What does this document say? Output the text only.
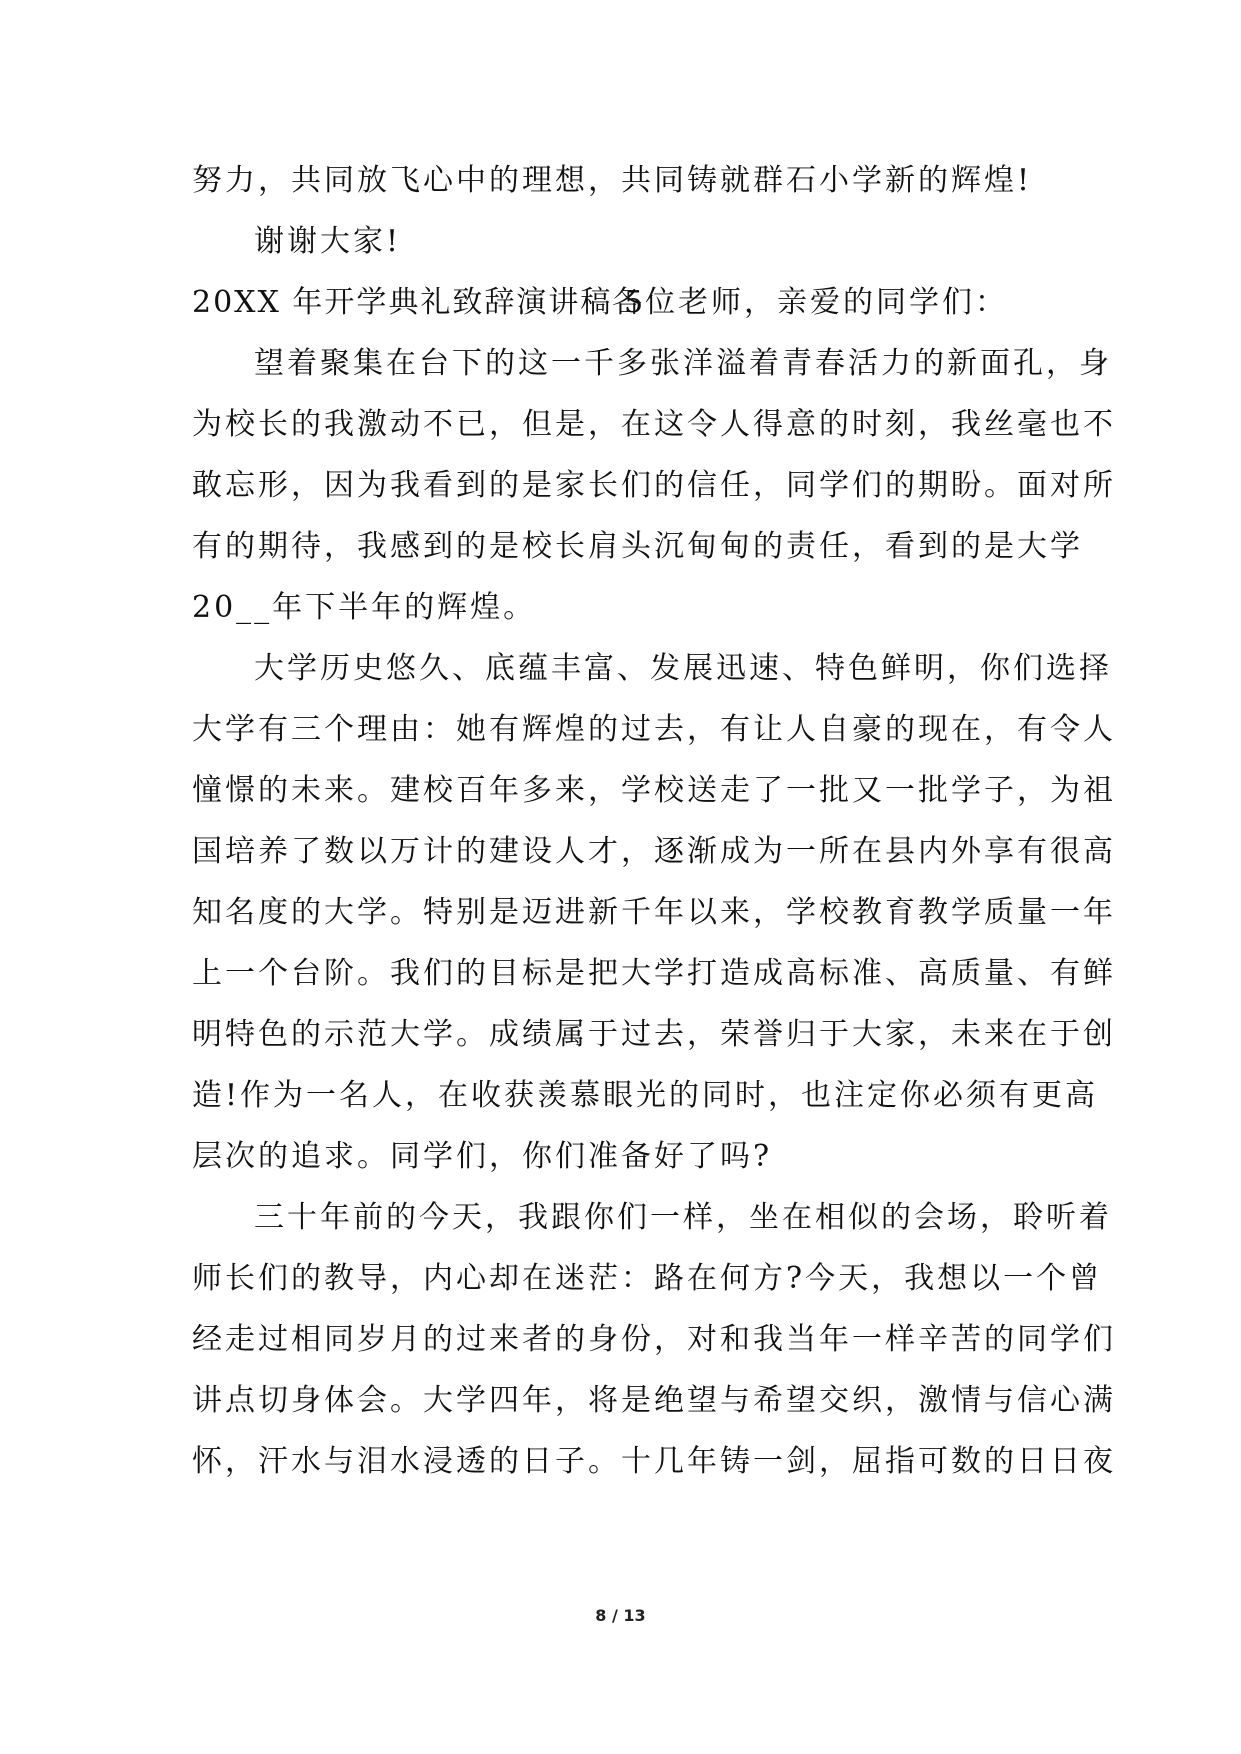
努力，共同放飞心中的理想，共同铸就群石小学新的辉煌!
谢谢大家!
20XX 年开学典礼致辞演讲稿 5
各位老师，亲爱的同学们：
望着聚集在台下的这一千多张洋溢着青春活力的新面孔，身
为校长的我激动不已，但是，在这令人得意的时刻，我丝毫也不
敢忘形，因为我看到的是家长们的信任，同学们的期盼。面对所
有的期待，我感到的是校长肩头沉甸甸的责任，看到的是大学
20__年下半年的辉煌。
大学历史悠久、底蕴丰富、发展迅速、特色鲜明，你们选择
大学有三个理由：她有辉煌的过去，有让人自豪的现在，有令人
憧憬的未来。建校百年多来，学校送走了一批又一批学子，为祖
国培养了数以万计的建设人才，逐渐成为一所在县内外享有很高
知名度的大学。特别是迈进新千年以来，学校教育教学质量一年
上一个台阶。我们的目标是把大学打造成高标准、高质量、有鲜
明特色的示范大学。成绩属于过去，荣誉归于大家，未来在于创
造!作为一名人，在收获羡慕眼光的同时，也注定你必须有更高
层次的追求。同学们，你们准备好了吗?
三十年前的今天，我跟你们一样，坐在相似的会场，聆听着
师长们的教导，内心却在迷茫：路在何方?今天，我想以一个曾
经走过相同岁月的过来者的身份，对和我当年一样辛苦的同学们
讲点切身体会。大学四年，将是绝望与希望交织，激情与信心满
怀，汗水与泪水浸透的日子。十几年铸一剑，屈指可数的日日夜
8 / 13
